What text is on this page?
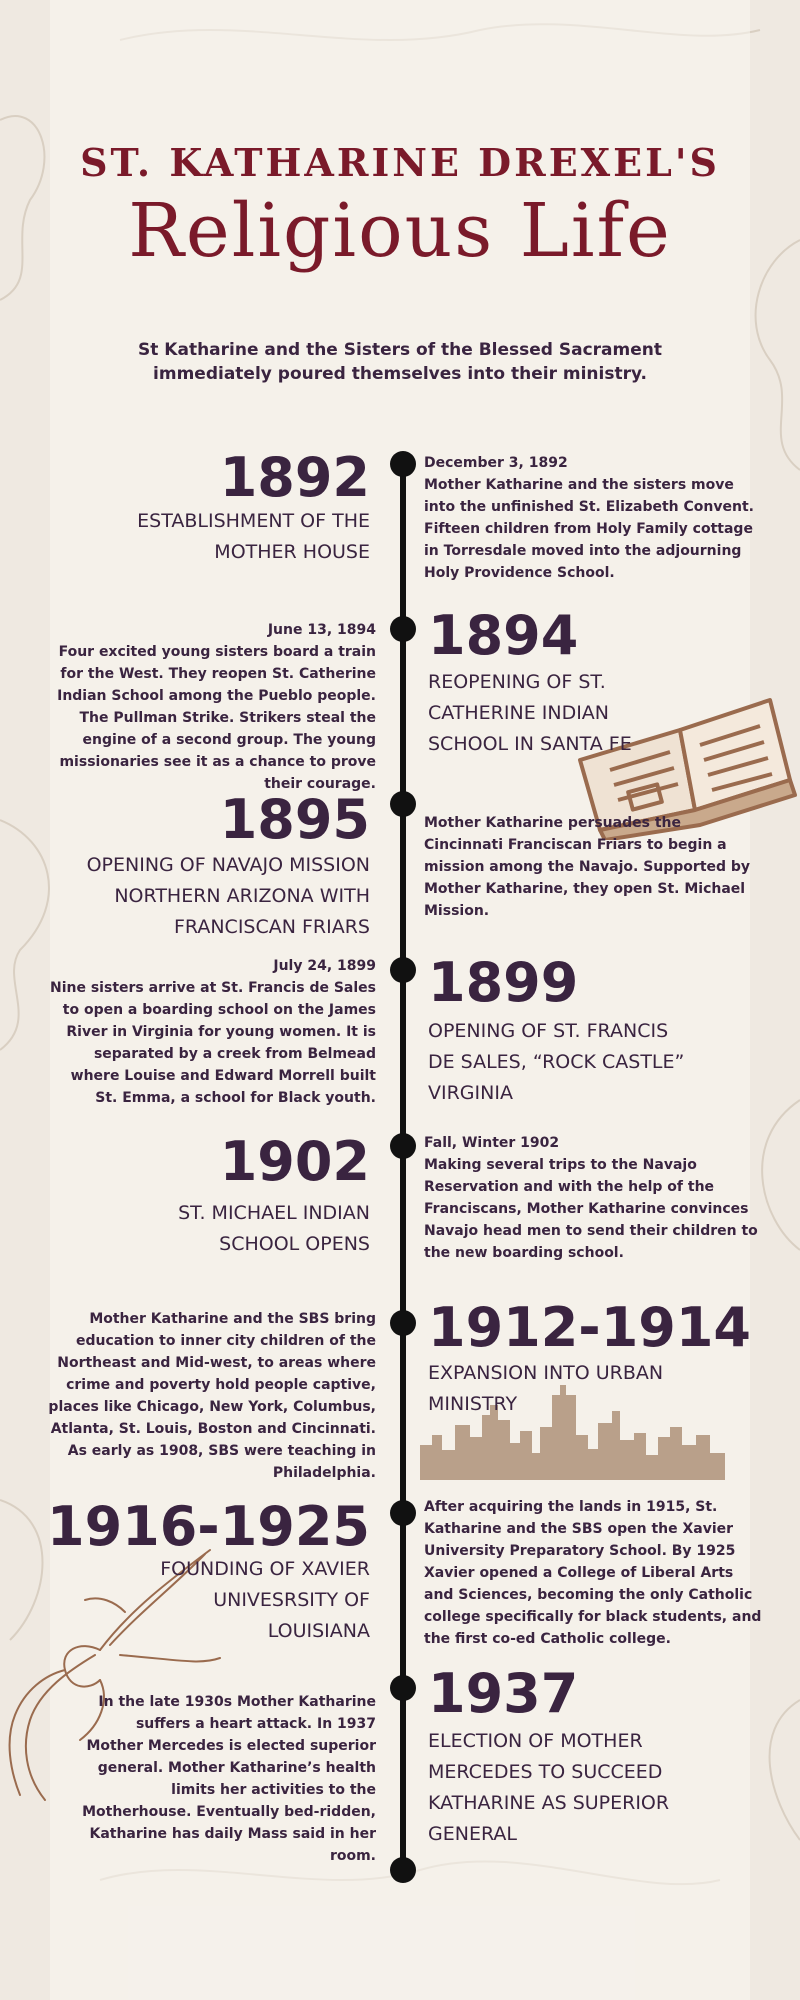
ST. KATHARINE DREXEL'S
Religious Life
St Katharine and the Sisters of the Blessed Sacrament immediately poured themselves into their ministry.
1892
ESTABLISHMENT OF THE MOTHER HOUSE
December 3, 1892
Mother Katharine and the sisters move into the unfinished St. Elizabeth Convent. Fifteen children from Holy Family cottage in Torresdale moved into the adjourning Holy Providence School.
1894
REOPENING OF ST. CATHERINE INDIAN SCHOOL IN SANTA FE
June 13, 1894
Four excited young sisters board a train for the West. They reopen St. Catherine Indian School among the Pueblo people. The Pullman Strike. Strikers steal the engine of a second group. The young missionaries see it as a chance to prove their courage.
1895
OPENING OF NAVAJO MISSION NORTHERN ARIZONA WITH FRANCISCAN FRIARS
Mother Katharine persuades the Cincinnati Franciscan Friars to begin a mission among the Navajo. Supported by Mother Katharine, they open St. Michael Mission.
1899
OPENING OF ST. FRANCIS DE SALES, “ROCK CASTLE” VIRGINIA
July 24, 1899
Nine sisters arrive at St. Francis de Sales to open a boarding school on the James River in Virginia for young women. It is separated by a creek from Belmead where Louise and Edward Morrell built St. Emma, a school for Black youth.
1902
ST. MICHAEL INDIAN SCHOOL OPENS
Fall, Winter 1902
Making several trips to the Navajo Reservation and with the help of the Franciscans, Mother Katharine convinces Navajo head men to send their children to the new boarding school.
1912-1914
EXPANSION INTO URBAN MINISTRY
Mother Katharine and the SBS bring education to inner city children of the Northeast and Mid-west, to areas where crime and poverty hold people captive, places like Chicago, New York, Columbus, Atlanta, St. Louis, Boston and Cincinnati. As early as 1908, SBS were teaching in Philadelphia.
1916-1925
FOUNDING OF XAVIER UNIVESRSITY OF LOUISIANA
After acquiring the lands in 1915, St. Katharine and the SBS open the Xavier University Preparatory School. By 1925 Xavier opened a College of Liberal Arts and Sciences, becoming the only Catholic college specifically for black students, and the first co-ed Catholic college.
1937
ELECTION OF MOTHER MERCEDES TO SUCCEED KATHARINE AS SUPERIOR GENERAL
In the late 1930s Mother Katharine suffers a heart attack. In 1937 Mother Mercedes is elected superior general. Mother Katharine’s health limits her activities to the Motherhouse. Eventually bed-ridden, Katharine has daily Mass said in her room.
